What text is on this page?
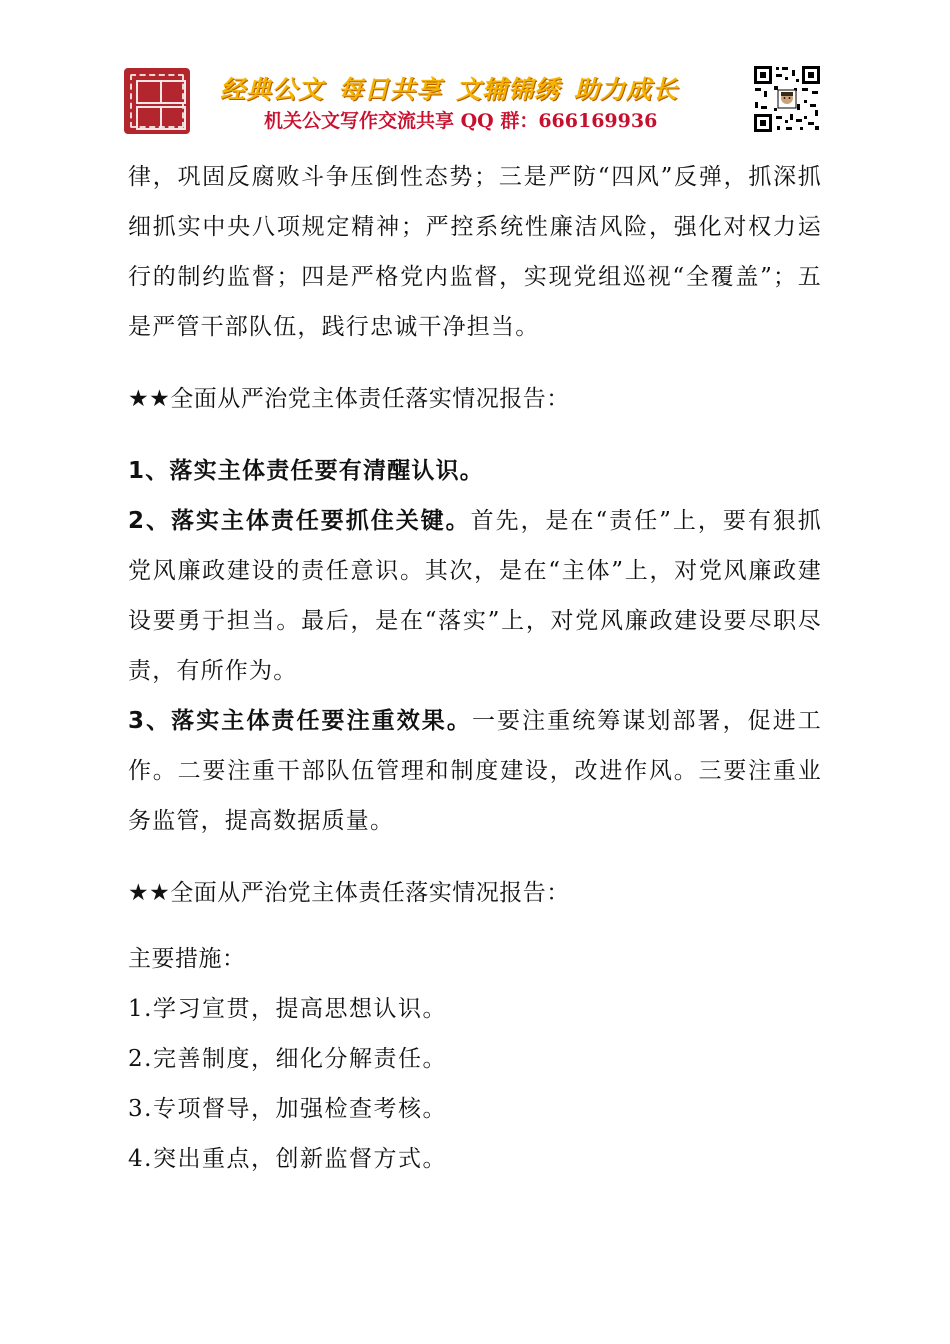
经典公文 每日共享 文辅锦绣 助力成长
机关公文写作交流共享 QQ 群：666169936

律，巩固反腐败斗争压倒性态势；三是严防“四风”反弹，抓深抓细抓实中央八项规定精神；严控系统性廉洁风险，强化对权力运行的制约监督；四是严格党内监督，实现党组巡视“全覆盖”；五是严管干部队伍，践行忠诚干净担当。

★★全面从严治党主体责任落实情况报告：

1、落实主体责任要有清醒认识。

2、落实主体责任要抓住关键。首先，是在“责任”上，要有狠抓党风廉政建设的责任意识。其次，是在“主体”上，对党风廉政建设要勇于担当。最后，是在“落实”上，对党风廉政建设要尽职尽责，有所作为。

3、落实主体责任要注重效果。一要注重统筹谋划部署，促进工作。二要注重干部队伍管理和制度建设，改进作风。三要注重业务监管，提高数据质量。

★★全面从严治党主体责任落实情况报告：

主要措施：

1.学习宣贯，提高思想认识。

2.完善制度，细化分解责任。

3.专项督导，加强检查考核。

4.突出重点，创新监督方式。
